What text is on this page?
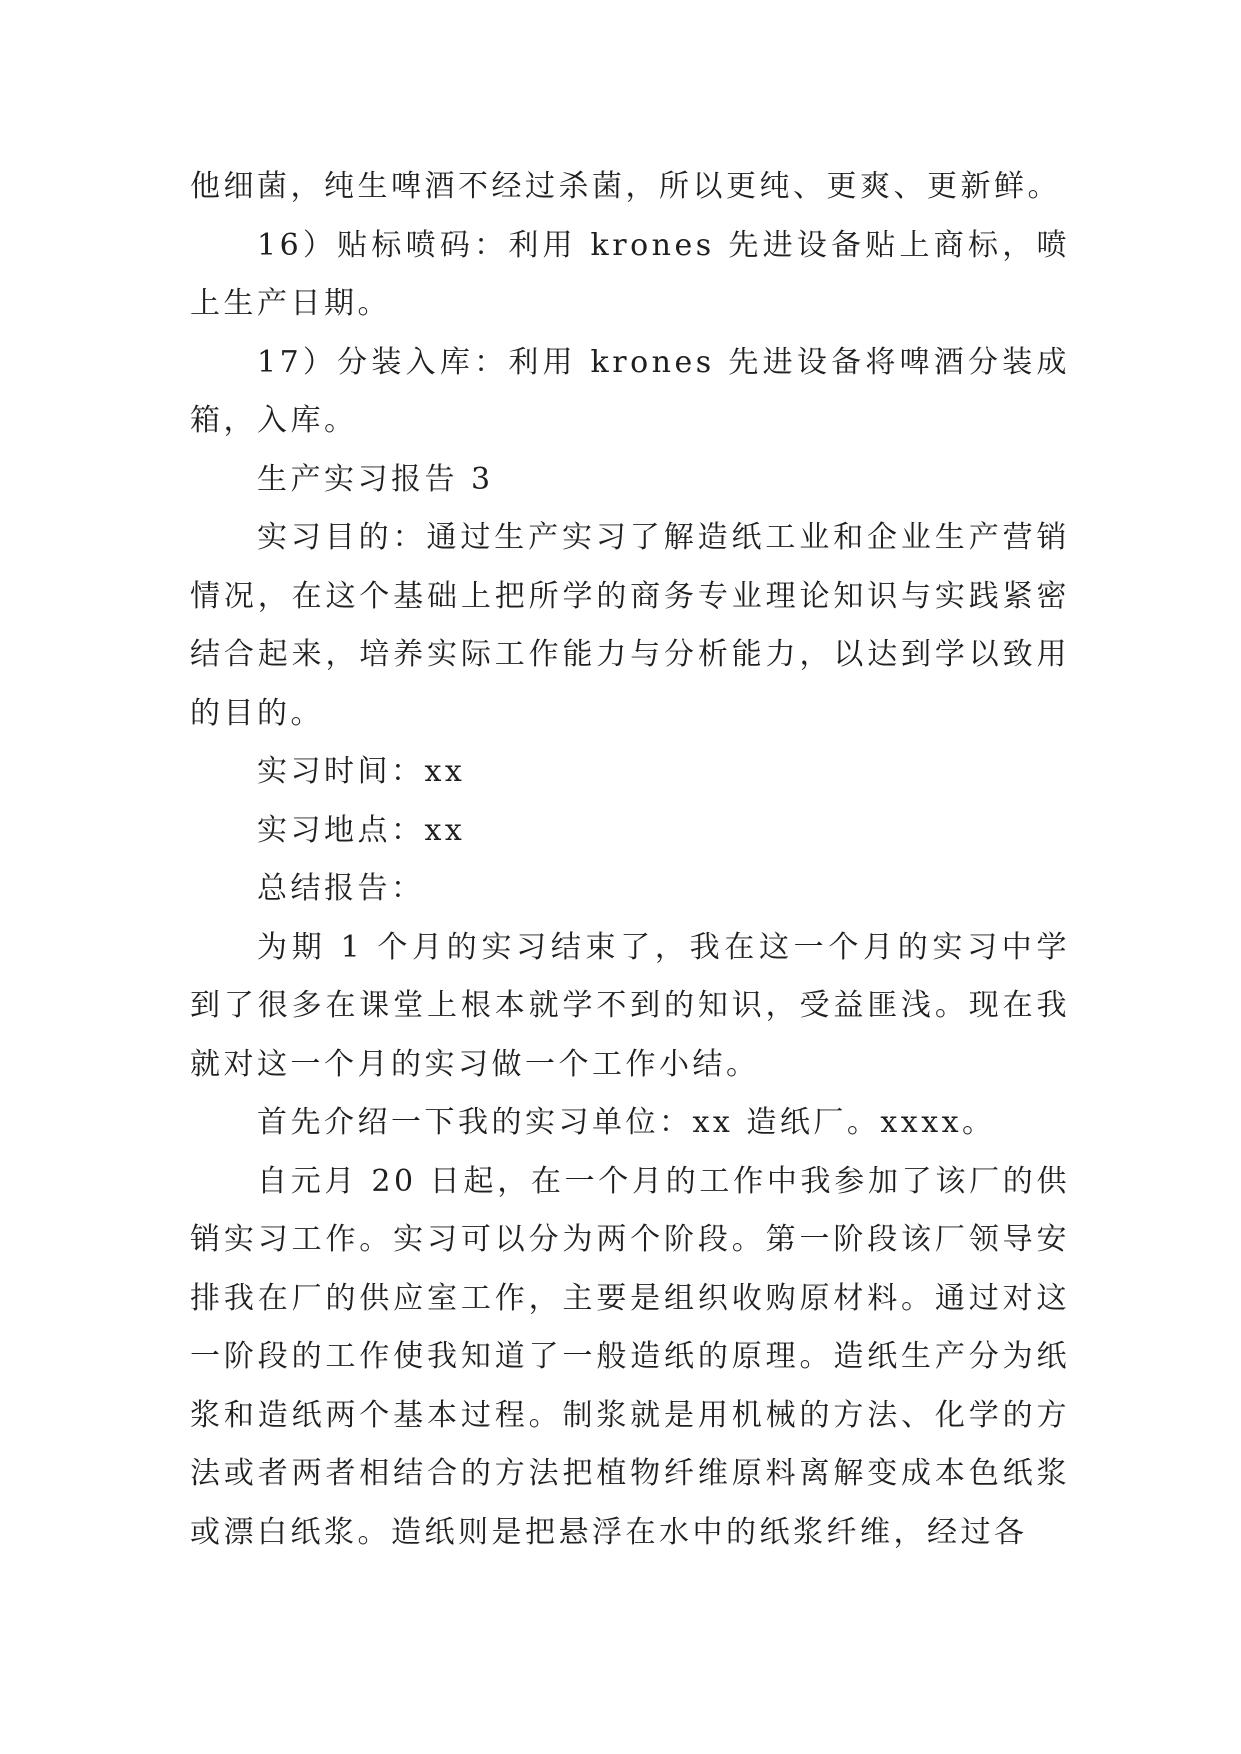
他细菌，纯生啤酒不经过杀菌，所以更纯、更爽、更新鲜。

16）贴标喷码：利用 krones 先进设备贴上商标，喷上生产日期。

17）分装入库：利用 krones 先进设备将啤酒分装成箱，入库。

生产实习报告 3

实习目的：通过生产实习了解造纸工业和企业生产营销情况，在这个基础上把所学的商务专业理论知识与实践紧密结合起来，培养实际工作能力与分析能力，以达到学以致用的目的。

实习时间：xx

实习地点：xx

总结报告：

为期 1 个月的实习结束了，我在这一个月的实习中学到了很多在课堂上根本就学不到的知识，受益匪浅。现在我就对这一个月的实习做一个工作小结。

首先介绍一下我的实习单位：xx 造纸厂。xxxx。

自元月 20 日起，在一个月的工作中我参加了该厂的供销实习工作。实习可以分为两个阶段。第一阶段该厂领导安排我在厂的供应室工作，主要是组织收购原材料。通过对这一阶段的工作使我知道了一般造纸的原理。造纸生产分为纸浆和造纸两个基本过程。制浆就是用机械的方法、化学的方法或者两者相结合的方法把植物纤维原料离解变成本色纸浆或漂白纸浆。造纸则是把悬浮在水中的纸浆纤维，经过各
